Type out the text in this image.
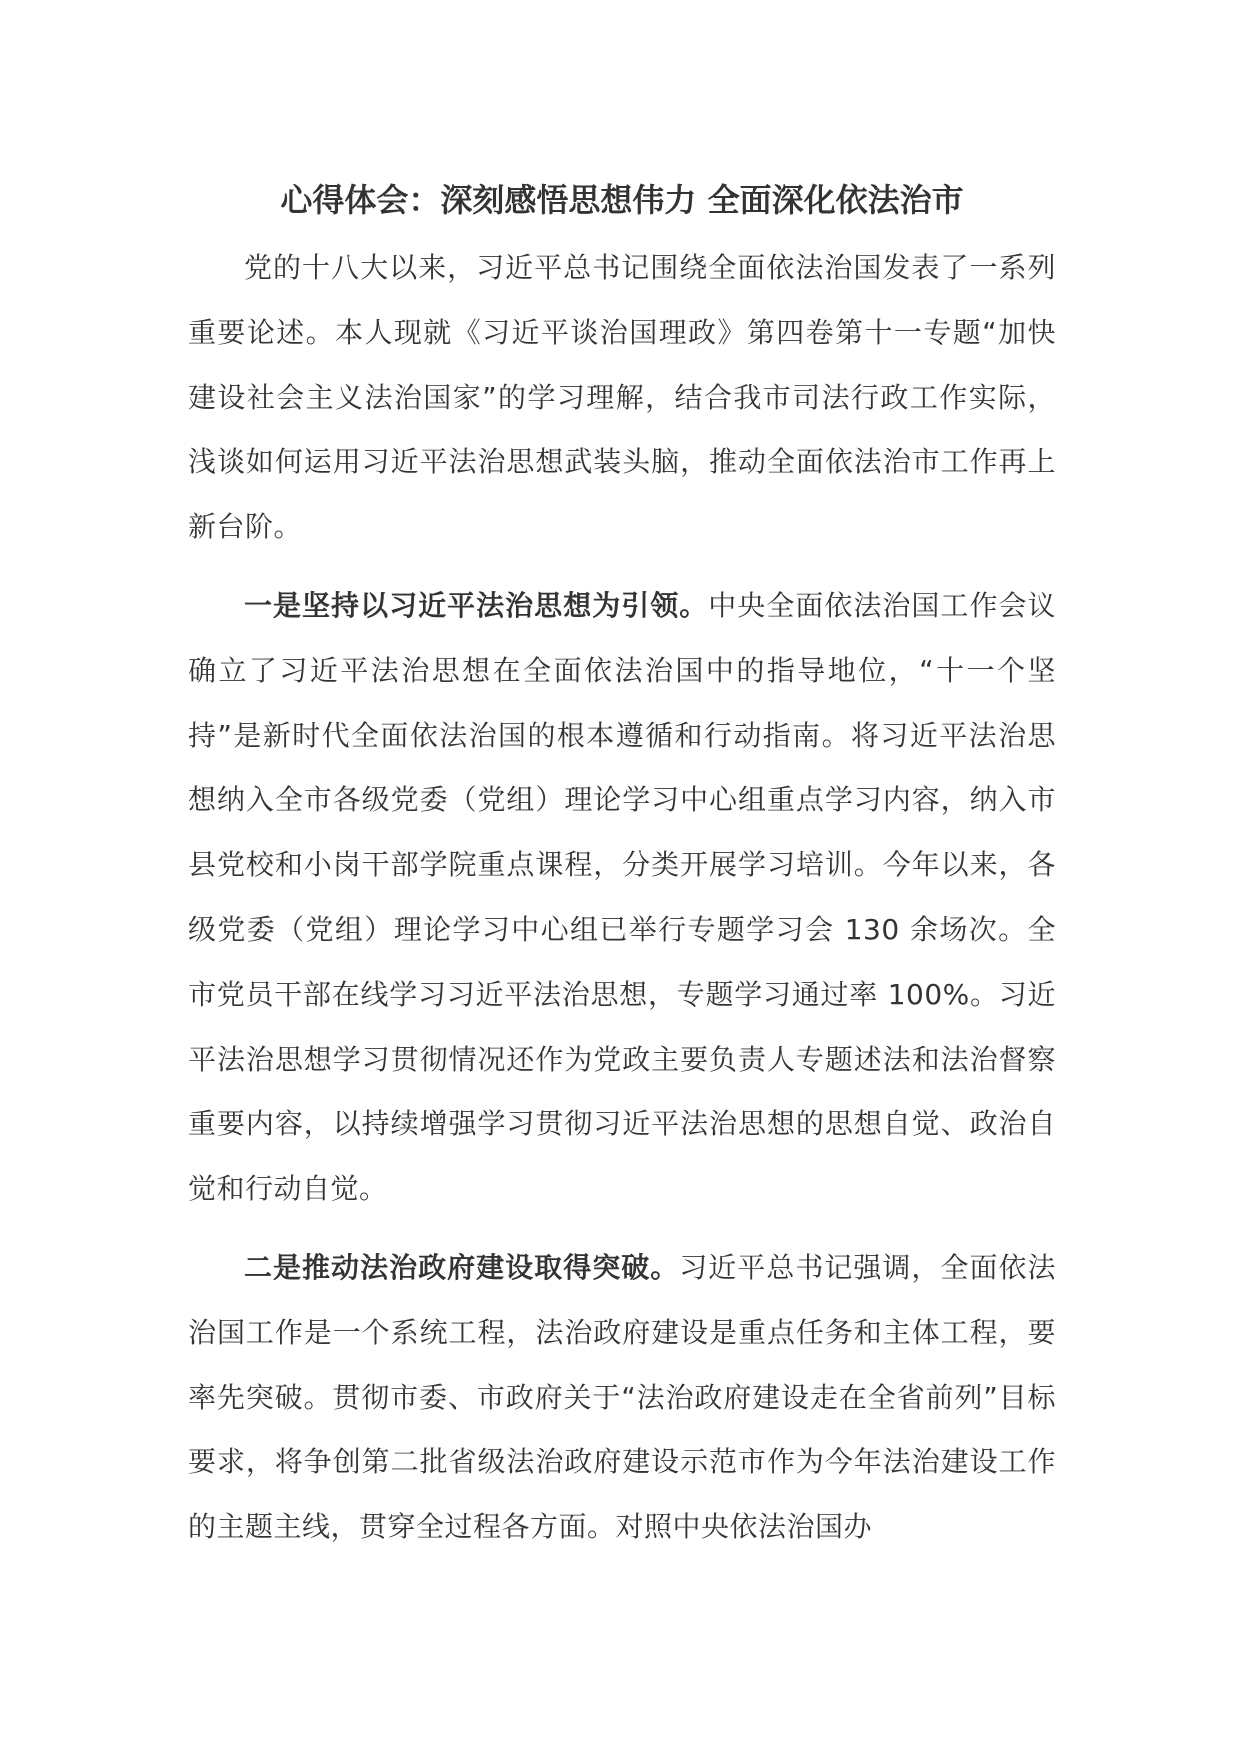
心得体会：深刻感悟思想伟力 全面深化依法治市

党的十八大以来，习近平总书记围绕全面依法治国发表了一系列重要论述。本人现就《习近平谈治国理政》第四卷第十一专题“加快建设社会主义法治国家”的学习理解，结合我市司法行政工作实际，浅谈如何运用习近平法治思想武装头脑，推动全面依法治市工作再上新台阶。

一是坚持以习近平法治思想为引领。中央全面依法治国工作会议确立了习近平法治思想在全面依法治国中的指导地位，“十一个坚持”是新时代全面依法治国的根本遵循和行动指南。将习近平法治思想纳入全市各级党委（党组）理论学习中心组重点学习内容，纳入市县党校和小岗干部学院重点课程，分类开展学习培训。今年以来，各级党委（党组）理论学习中心组已举行专题学习会 130 余场次。全市党员干部在线学习习近平法治思想，专题学习通过率 100%。习近平法治思想学习贯彻情况还作为党政主要负责人专题述法和法治督察重要内容，以持续增强学习贯彻习近平法治思想的思想自觉、政治自觉和行动自觉。

二是推动法治政府建设取得突破。习近平总书记强调，全面依法治国工作是一个系统工程，法治政府建设是重点任务和主体工程，要率先突破。贯彻市委、市政府关于“法治政府建设走在全省前列”目标要求，将争创第二批省级法治政府建设示范市作为今年法治建设工作的主题主线，贯穿全过程各方面。对照中央依法治国办
